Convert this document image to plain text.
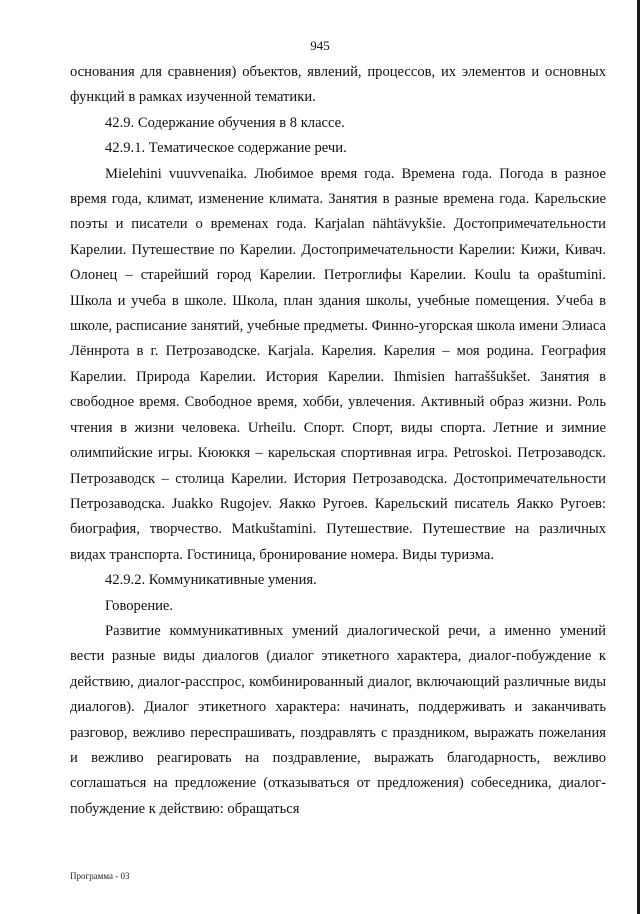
945

основания для сравнения) объектов, явлений, процессов, их элементов и основных функций в рамках изученной тематики.

42.9. Содержание обучения в 8 классе.

42.9.1. Тематическое содержание речи.

Mielehini vuuvvenaika. Любимое время года. Времена года. Погода в разное время года, климат, изменение климата. Занятия в разные времена года. Карельские поэты и писатели о временах года. Karjalan nähtävykšie. Достопримечательности Карелии. Путешествие по Карелии. Достопримечательности Карелии: Кижи, Кивач. Олонец – старейший город Карелии. Петроглифы Карелии. Koulu ta opaštumini. Школа и учеба в школе. Школа, план здания школы, учебные помещения. Учеба в школе, расписание занятий, учебные предметы. Финно-угорская школа имени Элиаса Лённрота в г. Петрозаводске. Karjala. Карелия. Карелия – моя родина. География Карелии. Природа Карелии. История Карелии. Ihmisien harraššukšet. Занятия в свободное время. Свободное время, хобби, увлечения. Активный образ жизни. Роль чтения в жизни человека. Urheilu. Спорт. Спорт, виды спорта. Летние и зимние олимпийские игры. Кююккя – карельская спортивная игра. Petroskoi. Петрозаводск. Петрозаводск – столица Карелии. История Петрозаводска. Достопримечательности Петрозаводска. Juakko Rugojev. Яакко Ругоев. Карельский писатель Яакко Ругоев: биография, творчество. Matkuštamini. Путешествие. Путешествие на различных видах транспорта. Гостиница, бронирование номера. Виды туризма.

42.9.2. Коммуникативные умения.

Говорение.

Развитие коммуникативных умений диалогической речи, а именно умений вести разные виды диалогов (диалог этикетного характера, диалог-побуждение к действию, диалог-расспрос, комбинированный диалог, включающий различные виды диалогов). Диалог этикетного характера: начинать, поддерживать и заканчивать разговор, вежливо переспрашивать, поздравлять с праздником, выражать пожелания и вежливо реагировать на поздравление, выражать благодарность, вежливо соглашаться на предложение (отказываться от предложения) собеседника, диалог-побуждение к действию: обращаться

Программа - 03
